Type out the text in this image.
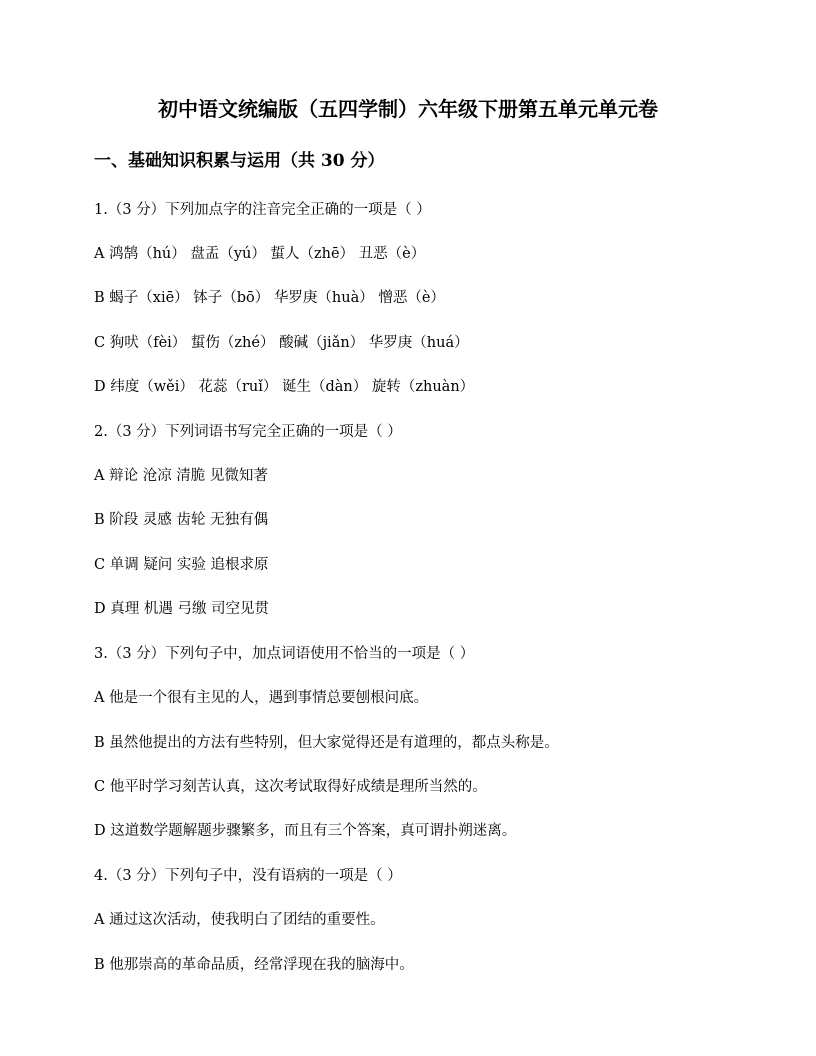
初中语文统编版（五四学制）六年级下册第五单元单元卷
一、基础知识积累与运用（共 30 分）
1.（3 分）下列加点字的注音完全正确的一项是（ ）
A 鸿鹄（hú） 盘盂（yú） 蜇人（zhē） 丑恶（è）
B 蝎子（xiē） 钵子（bō） 华罗庚（huà） 憎恶（è）
C 狗吠（fèi） 蜇伤（zhé） 酸碱（jiǎn） 华罗庚（huá）
D 纬度（wěi） 花蕊（ruǐ） 诞生（dàn） 旋转（zhuàn）
2.（3 分）下列词语书写完全正确的一项是（ ）
A 辩论 沧凉 清脆 见微知著
B 阶段 灵感 齿轮 无独有偶
C 单调 疑问 实验 追根求原
D 真理 机遇 弓缴 司空见贯
3.（3 分）下列句子中，加点词语使用不恰当的一项是（ ）
A 他是一个很有主见的人，遇到事情总要刨根问底。
B 虽然他提出的方法有些特别，但大家觉得还是有道理的，都点头称是。
C 他平时学习刻苦认真，这次考试取得好成绩是理所当然的。
D 这道数学题解题步骤繁多，而且有三个答案，真可谓扑朔迷离。
4.（3 分）下列句子中，没有语病的一项是（ ）
A 通过这次活动，使我明白了团结的重要性。
B 他那崇高的革命品质，经常浮现在我的脑海中。
